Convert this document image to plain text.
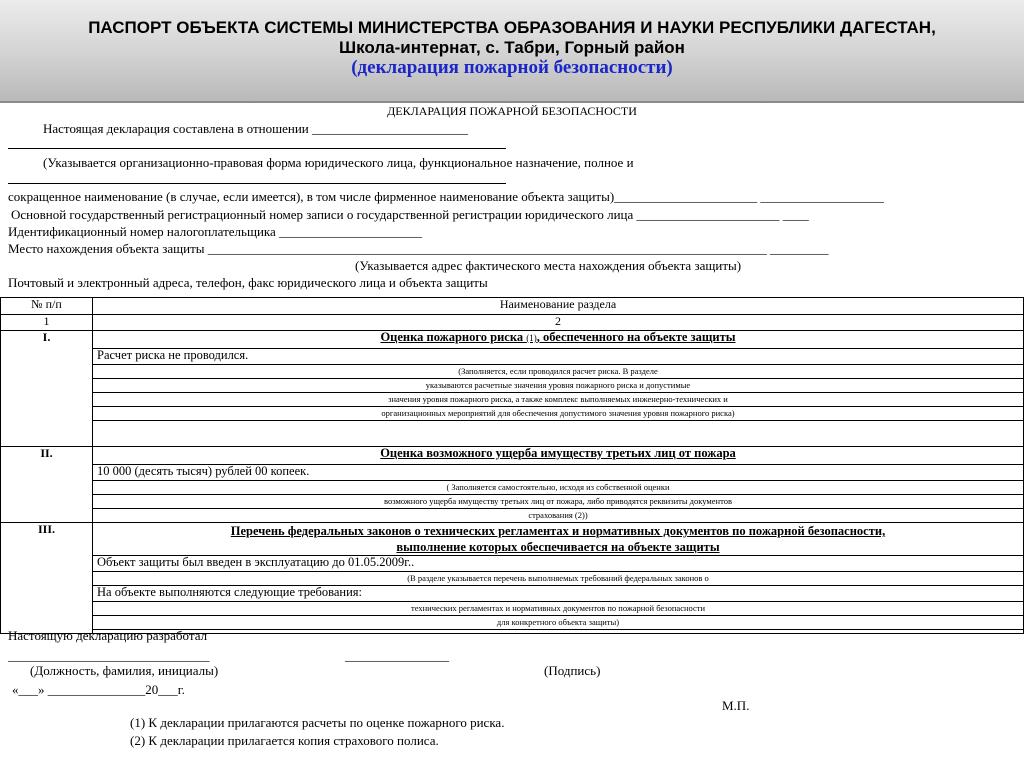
ПАСПОРТ ОБЪЕКТА СИСТЕМЫ МИНИСТЕРСТВА ОБРАЗОВАНИЯ И НАУКИ РЕСПУБЛИКИ ДАГЕСТАН,
Школа-интернат, с. Табри, Горный район
(декларация пожарной безопасности)
ДЕКЛАРАЦИЯ ПОЖАРНОЙ БЕЗОПАСНОСТИ
Настоящая декларация составлена в отношении ________________________
(Указывается организационно-правовая форма юридического лица, функциональное назначение, полное и
сокращенное наименование (в случае, если имеется), в том числе фирменное наименование объекта защиты)______________________ ___________________
Основной государственный регистрационный номер записи о государственной регистрации юридического лица ______________________ ____
Идентификационный номер налогоплательщика ______________________
Место нахождения объекта защиты ______________________________________________________________________________________ _________
(Указывается адрес фактического места нахождения объекта защиты)
Почтовый и электронный адреса, телефон, факс юридического лица и объекта защиты
№ п/п	Наименование раздела
1	2
I.	Оценка пожарного риска (1), обеспеченного на объекте защиты
	Расчет риска не проводился.
	(Заполняется, если проводился расчет риска. В разделе
	указываются расчетные значения уровня пожарного риска и допустимые
	значения уровня пожарного риска, а также комплекс выполняемых инженерно-технических и
	организационных мероприятий для обеспечения допустимого значения уровня пожарного риска)

II.	Оценка возможного ущерба имуществу третьих лиц от пожара
	10 000 (десять тысяч) рублей 00 копеек.
	( Заполняется самостоятельно, исходя из собственной оценки
	возможного ущерба имуществу третьих лиц от пожара, либо приводятся реквизиты документов
	страхования (2))
III.	Перечень федеральных законов о технических регламентах и нормативных документов по пожарной безопасности,
выполнение которых обеспечивается на объекте защиты
	Объект защиты был введен в эксплуатацию до 01.05.2009г..
	(В разделе указывается перечень выполняемых требований федеральных законов о
	На объекте выполняются следующие требования:
	технических регламентах и нормативных документов по пожарной безопасности
	для конкретного объекта защиты)

Настоящую декларацию разработал
_______________________________	________________
(Должность, фамилия, инициалы)	(Подпись)
«___» _______________20___г.
М.П.
(1) К декларации прилагаются расчеты по оценке пожарного риска.
(2) К декларации прилагается копия страхового полиса.
